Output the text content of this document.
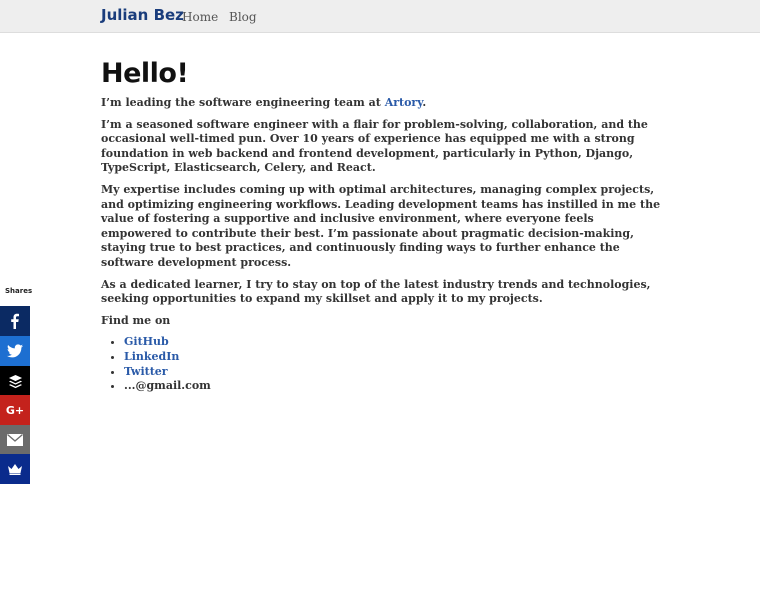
Julian Bez
Home Blog
Hello!

I’m leading the software engineering team at Artory.

I’m a seasoned software engineer with a flair for problem-solving, collaboration, and the occasional well-timed pun. Over 10 years of experience has equipped me with a strong foundation in web backend and frontend development, particularly in Python, Django, TypeScript, Elasticsearch, Celery, and React.

My expertise includes coming up with optimal architectures, managing complex projects, and optimizing engineering workflows. Leading development teams has instilled in me the value of fostering a supportive and inclusive environment, where everyone feels empowered to contribute their best. I’m passionate about pragmatic decision-making, staying true to best practices, and continuously finding ways to further enhance the software development process.

As a dedicated learner, I try to stay on top of the latest industry trends and technologies, seeking opportunities to expand my skillset and apply it to my projects.

Find me on

• GitHub
• LinkedIn
• Twitter
• ...@gmail.com
Shares
G+
